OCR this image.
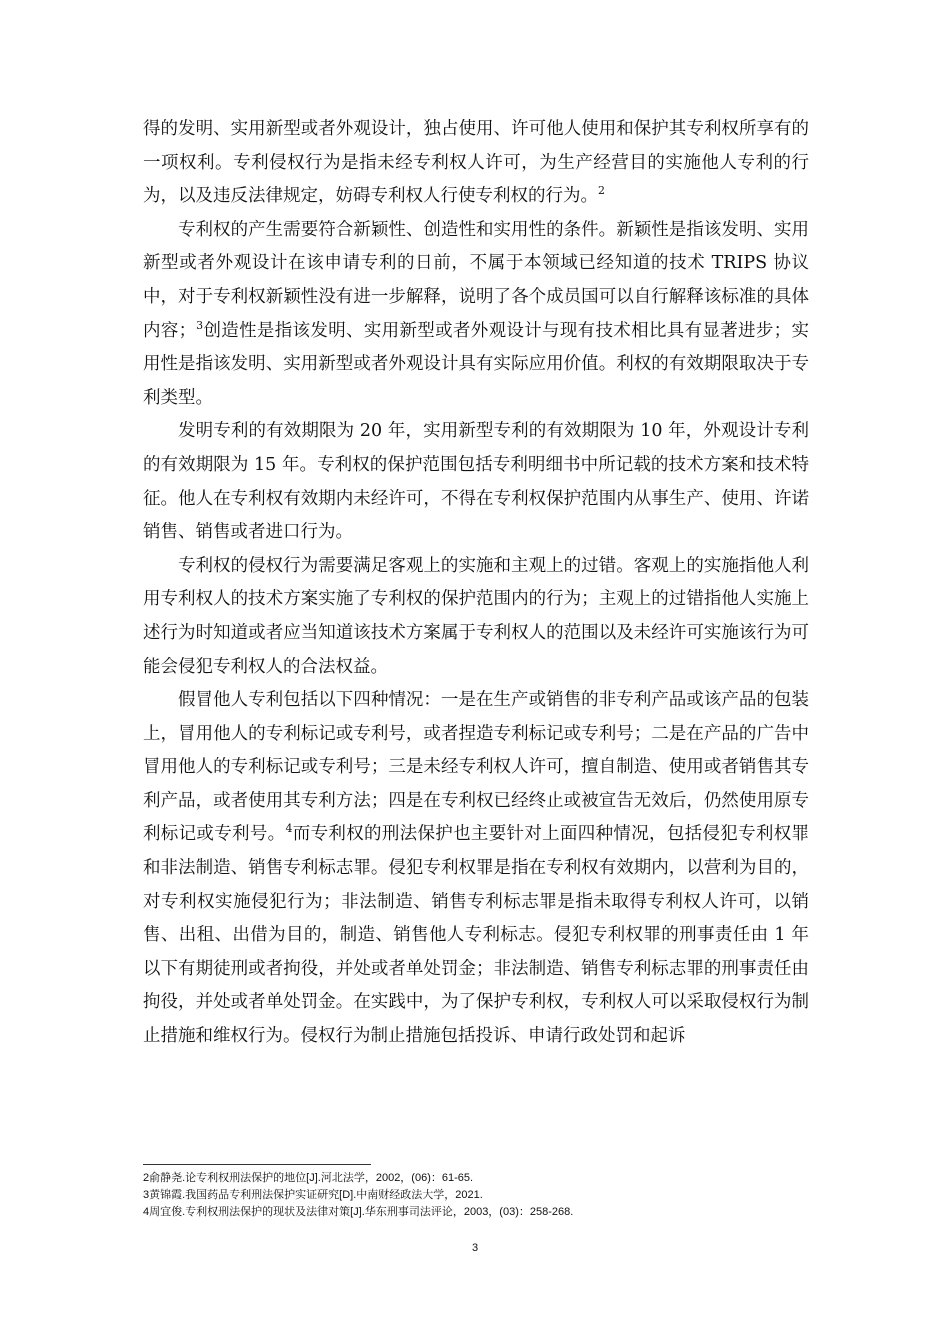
得的发明、实用新型或者外观设计，独占使用、许可他人使用和保护其专利权所享有的一项权利。专利侵权行为是指未经专利权人许可，为生产经营目的实施他人专利的行为，以及违反法律规定，妨碍专利权人行使专利权的行为。$^2$

专利权的产生需要符合新颖性、创造性和实用性的条件。新颖性是指该发明、实用新型或者外观设计在该申请专利的日前，不属于本领域已经知道的技术 TRIPS 协议中，对于专利权新颖性没有进一步解释，说明了各个成员国可以自行解释该标准的具体内容；$^3$创造性是指该发明、实用新型或者外观设计与现有技术相比具有显著进步；实用性是指该发明、实用新型或者外观设计具有实际应用价值。利权的有效期限取决于专利类型。

发明专利的有效期限为 20 年，实用新型专利的有效期限为 10 年，外观设计专利的有效期限为 15 年。专利权的保护范围包括专利明细书中所记载的技术方案和技术特征。他人在专利权有效期内未经许可，不得在专利权保护范围内从事生产、使用、许诺销售、销售或者进口行为。

专利权的侵权行为需要满足客观上的实施和主观上的过错。客观上的实施指他人利用专利权人的技术方案实施了专利权的保护范围内的行为；主观上的过错指他人实施上述行为时知道或者应当知道该技术方案属于专利权人的范围以及未经许可实施该行为可能会侵犯专利权人的合法权益。

假冒他人专利包括以下四种情况：一是在生产或销售的非专利产品或该产品的包装上，冒用他人的专利标记或专利号，或者捏造专利标记或专利号；二是在产品的广告中冒用他人的专利标记或专利号；三是未经专利权人许可，擅自制造、使用或者销售其专利产品，或者使用其专利方法；四是在专利权已经终止或被宣告无效后，仍然使用原专利标记或专利号。$^4$而专利权的刑法保护也主要针对上面四种情况，包括侵犯专利权罪和非法制造、销售专利标志罪。侵犯专利权罪是指在专利权有效期内，以营利为目的，对专利权实施侵犯行为；非法制造、销售专利标志罪是指未取得专利权人许可，以销售、出租、出借为目的，制造、销售他人专利标志。侵犯专利权罪的刑事责任由 1 年以下有期徒刑或者拘役，并处或者单处罚金；非法制造、销售专利标志罪的刑事责任由拘役，并处或者单处罚金。在实践中，为了保护专利权，专利权人可以采取侵权行为制止措施和维权行为。侵权行为制止措施包括投诉、申请行政处罚和起诉

2俞静尧.论专利权刑法保护的地位[J].河北法学，2002，(06)：61-65.

3黄锦霞.我国药品专利刑法保护实证研究[D].中南财经政法大学，2021.

4周宜俊.专利权刑法保护的现状及法律对策[J].华东刑事司法评论，2003，(03)：258-268.

3
